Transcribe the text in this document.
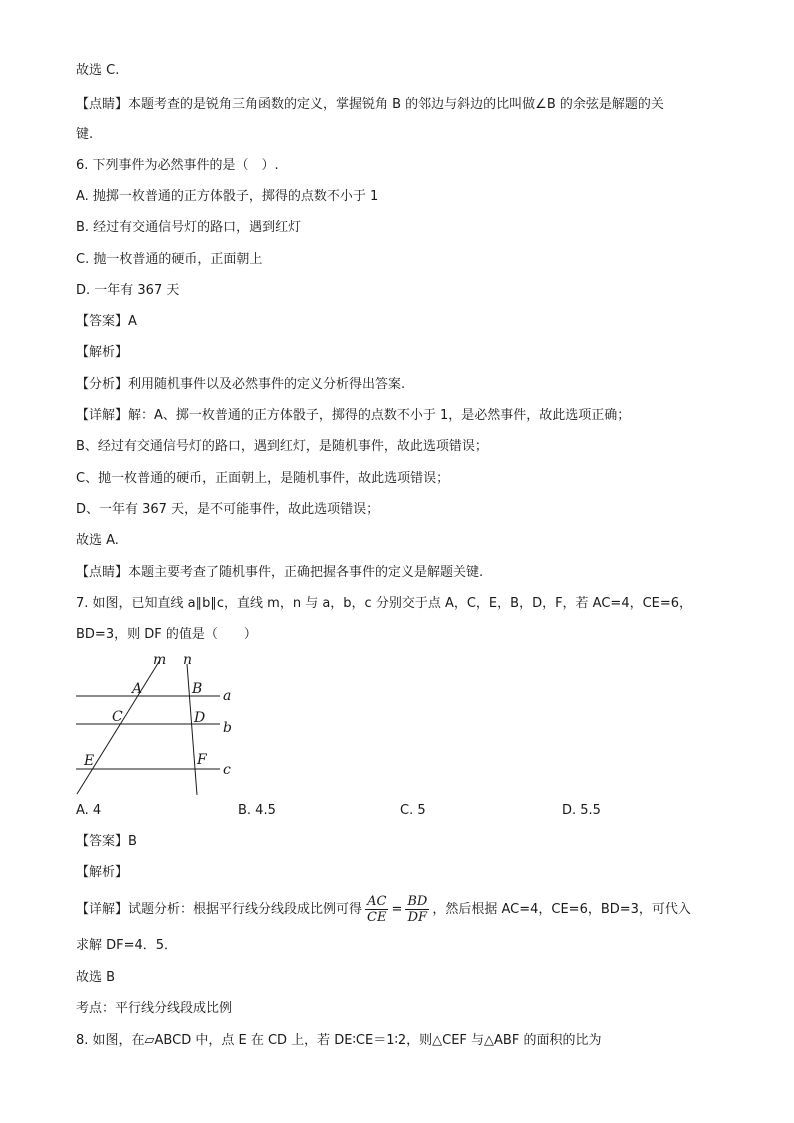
故选 C.
【点睛】本题考查的是锐角三角函数的定义，掌握锐角 B 的邻边与斜边的比叫做∠B 的余弦是解题的关
键.
6. 下列事件为必然事件的是（　）.
A. 抛掷一枚普通的正方体骰子，掷得的点数不小于 1
B. 经过有交通信号灯的路口，遇到红灯
C. 抛一枚普通的硬币，正面朝上
D. 一年有 367 天
【答案】A
【解析】
【分析】利用随机事件以及必然事件的定义分析得出答案.
【详解】解：A、掷一枚普通的正方体骰子，掷得的点数不小于 1，是必然事件，故此选项正确；
B、经过有交通信号灯的路口，遇到红灯，是随机事件，故此选项错误；
C、抛一枚普通的硬币，正面朝上，是随机事件，故此选项错误；
D、一年有 367 天，是不可能事件，故此选项错误；
故选 A.
【点睛】本题主要考查了随机事件，正确把握各事件的定义是解题关键.
7. 如图，已知直线 a∥b∥c，直线 m，n 与 a，b，c 分别交于点 A，C，E，B，D，F，若 AC=4，CE=6，
BD=3，则 DF 的值是（　　）
m n
A	B a
C	D
b
E	F
c
A. 4	B. 4.5	C. 5	D. 5.5
【答案】B
【解析】
【详解】试题分析：根据平行线分线段成比例可得 $\frac{AC}{CE} = \frac{BD}{DF}$ ，然后根据 AC=4，CE=6，BD=3，可代入
求解 DF=4．5．
故选 B
考点：平行线分线段成比例
8. 如图，在▱ABCD 中，点 E 在 CD 上，若 DE∶CE＝1∶2，则△CEF 与△ABF 的面积的比为
